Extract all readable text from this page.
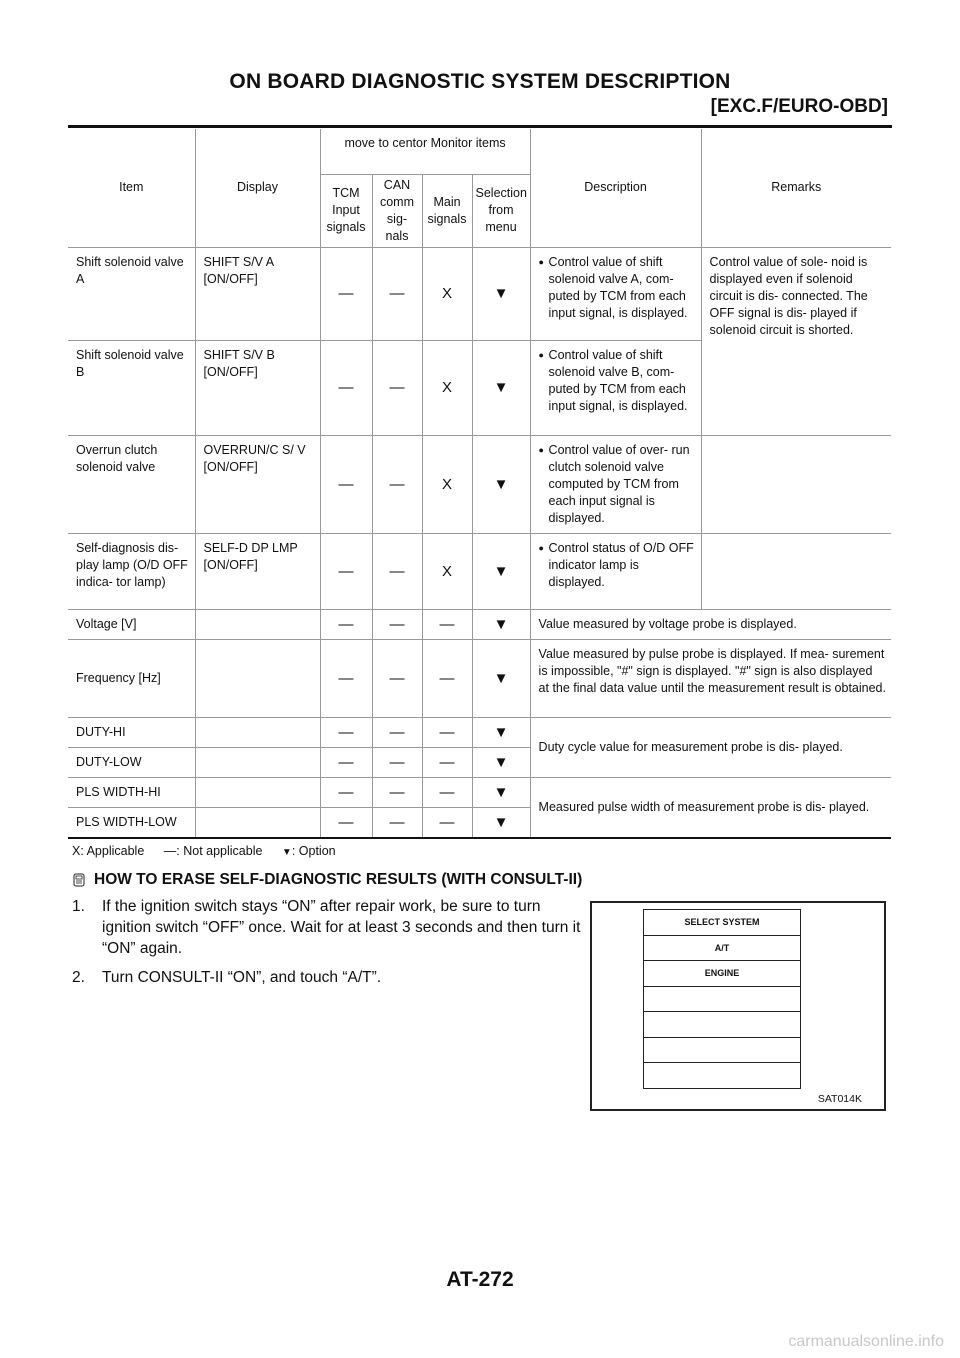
ON BOARD DIAGNOSTIC SYSTEM DESCRIPTION
[EXC.F/EURO-OBD]
Item	Display	move to centor Monitor items				Description	Remarks
		TCM Input signals	CAN comm sig- nals	Main signals	Selection from menu		
Shift solenoid valve A	SHIFT S/V A [ON/OFF]	—	—	X	▼	● Control value of shift solenoid valve A, com- puted by TCM from each input signal, is displayed.	Control value of sole- noid is displayed even if solenoid circuit is dis- connected. The OFF signal is dis- played if solenoid circuit is shorted.
Shift solenoid valve B	SHIFT S/V B [ON/OFF]	—	—	X	▼	● Control value of shift solenoid valve B, com- puted by TCM from each input signal, is displayed.	

Overrun clutch solenoid valve	OVERRUN/C S/ V [ON/OFF]	—	—	X	▼	● Control value of over- run clutch solenoid valve computed by TCM from each input signal is displayed.	

Self-diagnosis dis- play lamp (O/D OFF indica- tor lamp)	SELF-D DP LMP [ON/OFF]	—	—	X	▼	● Control status of O/D OFF indicator lamp is displayed.	

Voltage [V]		—	—	—	▼	Value measured by voltage probe is displayed.	
Frequency [Hz]		—	—	—	▼	Value measured by pulse probe is displayed. If mea- surement is impossible, "#" sign is displayed. "#" sign is also displayed at the final data value until the measurement result is obtained.	
DUTY-HI		—	—	—	▼	Duty cycle value for measurement probe is dis- played.	
DUTY-LOW		—	—	—	▼		
PLS WIDTH-HI		—	—	—	▼	Measured pulse width of measurement probe is dis- played.	
PLS WIDTH-LOW		—	—	—	▼		
X: Applicable —: Not applicable ▼: Option
HOW TO ERASE SELF-DIAGNOSTIC RESULTS (WITH CONSULT-II)
1.	If the ignition switch stays “ON” after repair work, be sure to turn ignition switch “OFF” once. Wait for at least 3 seconds and then turn it “ON” again.
2.	Turn CONSULT-II “ON”, and touch “A/T”.
SELECT SYSTEM
A/T
ENGINE
SAT014K
AT-272
carmanualsonline.info
